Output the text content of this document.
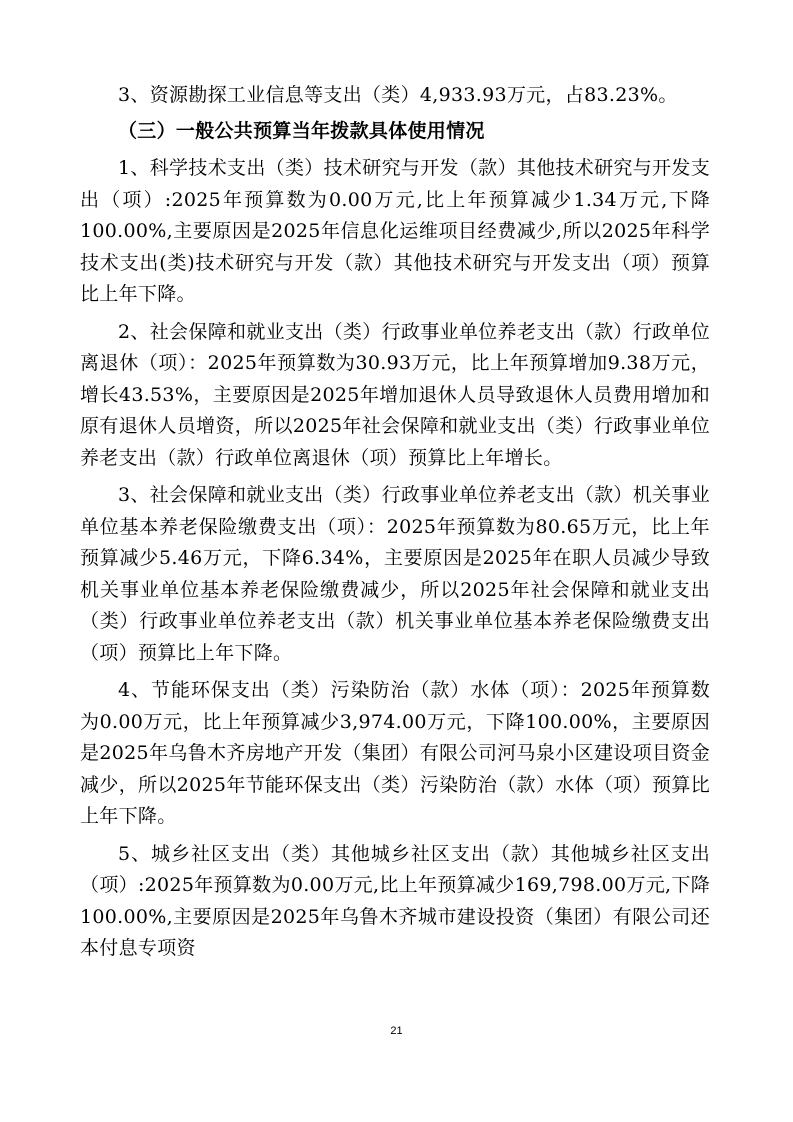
3、资源勘探工业信息等支出（类）4,933.93万元，占83.23%。

（三）一般公共预算当年拨款具体使用情况

1、科学技术支出（类）技术研究与开发（款）其他技术研究与开发支出（项）:2025年预算数为0.00万元,比上年预算减少1.34万元,下降100.00%,主要原因是2025年信息化运维项目经费减少,所以2025年科学技术支出(类)技术研究与开发（款）其他技术研究与开发支出（项）预算比上年下降。

2、社会保障和就业支出（类）行政事业单位养老支出（款）行政单位离退休（项）：2025年预算数为30.93万元，比上年预算增加9.38万元，增长43.53%，主要原因是2025年增加退休人员导致退休人员费用增加和原有退休人员增资，所以2025年社会保障和就业支出（类）行政事业单位养老支出（款）行政单位离退休（项）预算比上年增长。

3、社会保障和就业支出（类）行政事业单位养老支出（款）机关事业单位基本养老保险缴费支出（项）：2025年预算数为80.65万元，比上年预算减少5.46万元，下降6.34%，主要原因是2025年在职人员减少导致机关事业单位基本养老保险缴费减少，所以2025年社会保障和就业支出（类）行政事业单位养老支出（款）机关事业单位基本养老保险缴费支出（项）预算比上年下降。

4、节能环保支出（类）污染防治（款）水体（项）：2025年预算数为0.00万元，比上年预算减少3,974.00万元，下降100.00%，主要原因是2025年乌鲁木齐房地产开发（集团）有限公司河马泉小区建设项目资金减少，所以2025年节能环保支出（类）污染防治（款）水体（项）预算比上年下降。

5、城乡社区支出（类）其他城乡社区支出（款）其他城乡社区支出（项）:2025年预算数为0.00万元,比上年预算减少169,798.00万元,下降100.00%,主要原因是2025年乌鲁木齐城市建设投资（集团）有限公司还本付息专项资

21
